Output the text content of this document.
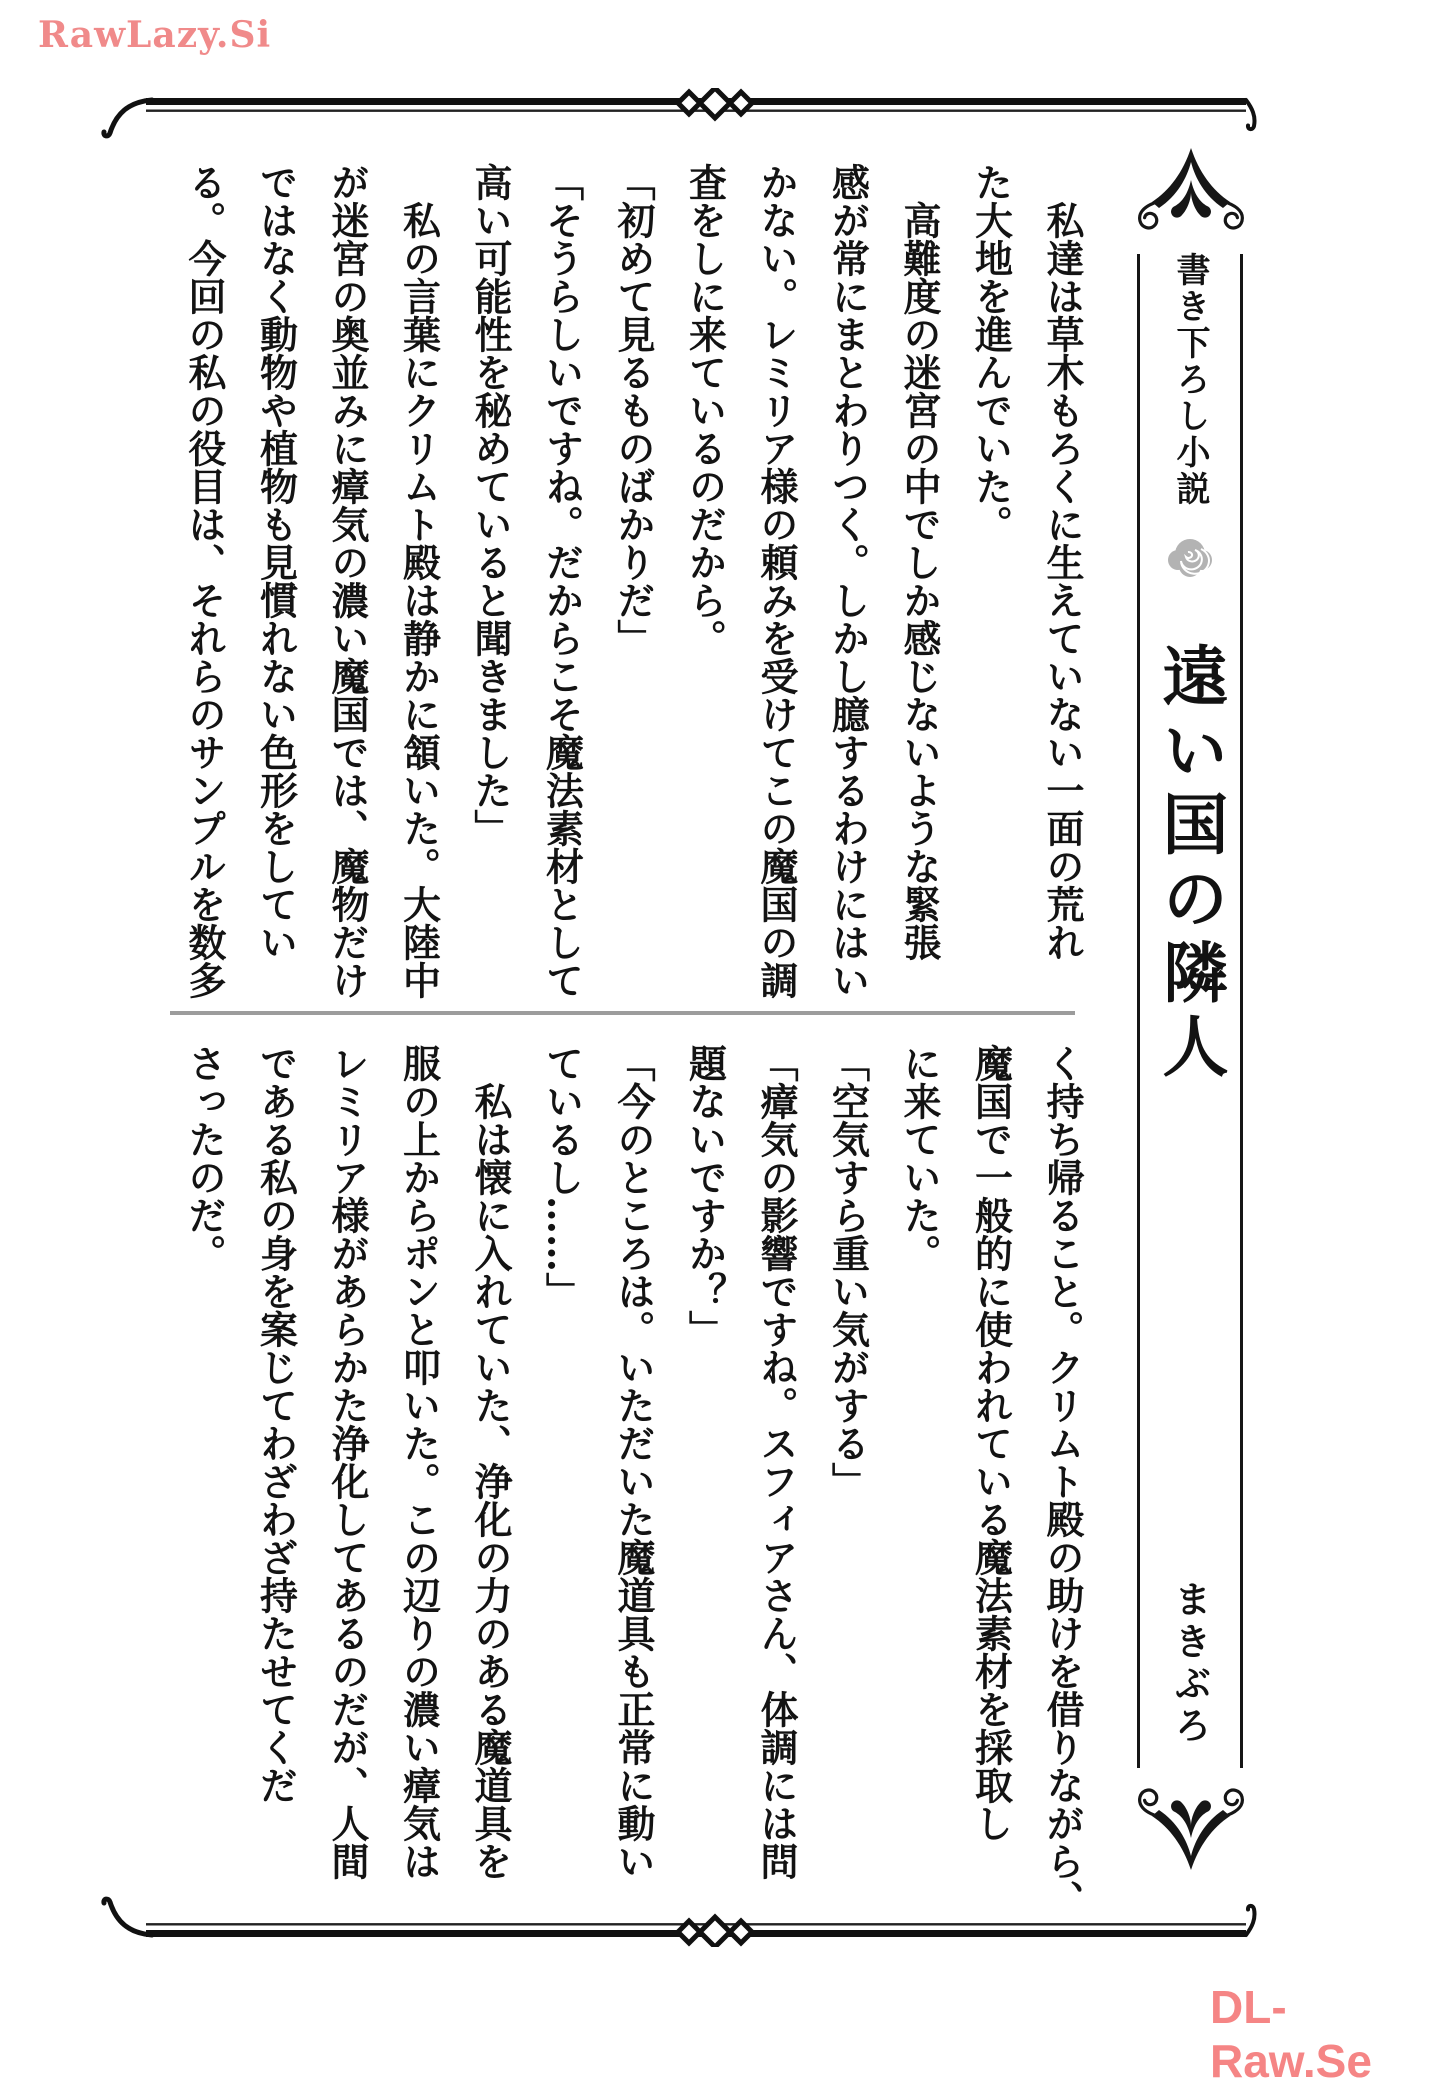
RawLazy.Si
DL-Raw.Se
書き下ろし小説
遠い国の隣人
まきぶろ

私達は草木もろくに生えていない一面の荒れ

た大地を進んでいた。

高難度の迷宮の中でしか感じないような緊張

感が常にまとわりつく。しかし臆するわけにはい

かない。レミリア様の頼みを受けてこの魔国の調

査をしに来ているのだから。

「初めて見るものばかりだ」

「そうらしいですね。だからこそ魔法素材として

高い可能性を秘めていると聞きました」

私の言葉にクリムト殿は静かに頷いた。大陸中

が迷宮の奥並みに瘴気の濃い魔国では、魔物だけ

ではなく動物や植物も見慣れない色形をしてい

る。今回の私の役目は、それらのサンプルを数多

く持ち帰ること。クリムト殿の助けを借りながら、

魔国で一般的に使われている魔法素材を採取し

に来ていた。

「空気すら重い気がする」

「瘴気の影響ですね。スフィアさん、体調には問

題ないですか？」

「今のところは。いただいた魔道具も正常に動い

ているし……」

私は懐に入れていた、浄化の力のある魔道具を

服の上からポンと叩いた。この辺りの濃い瘴気は

レミリア様があらかた浄化してあるのだが、人間

である私の身を案じてわざわざ持たせてくだ

さったのだ。
